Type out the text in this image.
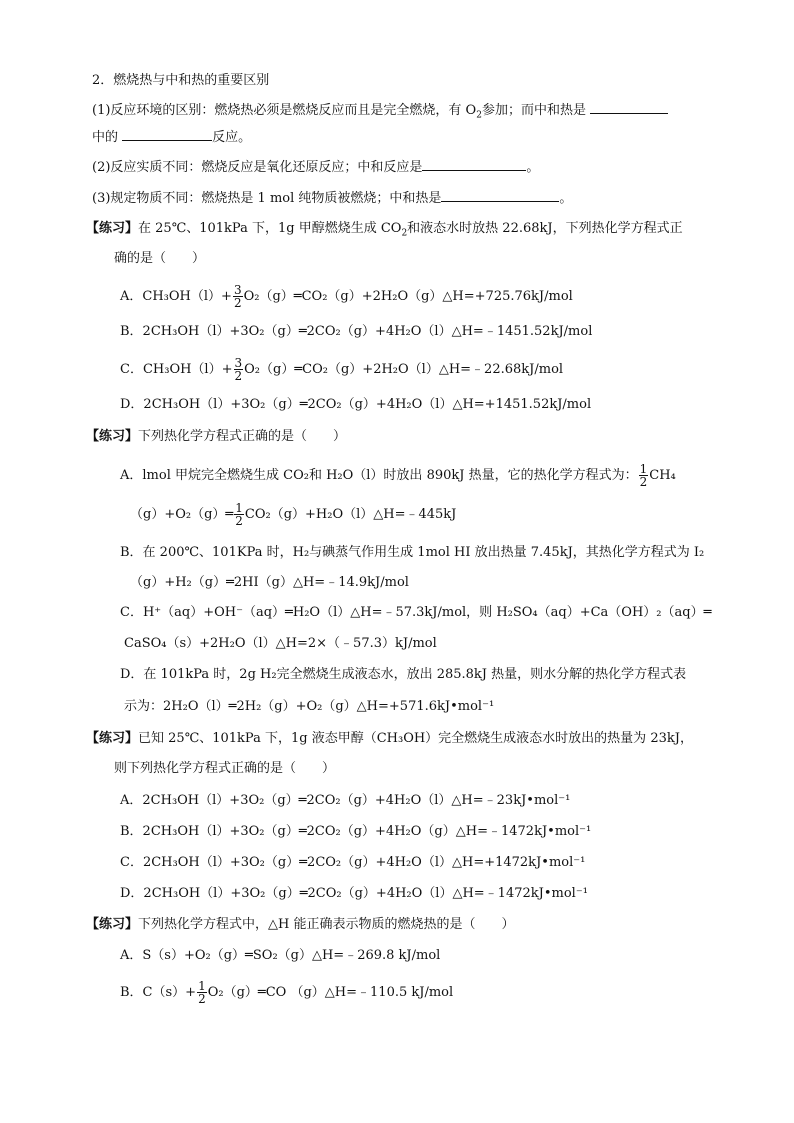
2．燃烧热与中和热的重要区别
(1)反应环境的区别：燃烧热必须是燃烧反应而且是完全燃烧，有 $O_2$参加；而中和热是
中的	反应。
(2)反应实质不同：燃烧反应是氧化还原反应；中和反应是	。
(3)规定物质不同：燃烧热是 1 mol 纯物质被燃烧；中和热是	。
【练习】在 25℃、101kPa 下，1g 甲醇燃烧生成 $CO_2$和液态水时放热 22.68kJ，下列热化学方程式正
确的是（　　）
A．$CH_3OH(l)+ \frac{3}{2}$ O₂（g）═CO₂（g）+2H₂O（g）△H=+725.76kJ/mol
B．2CH₃OH（l）+3O₂（g）═2CO₂（g）+4H₂O（l）△H=﹣1451.52kJ/mol
C．$CH_3OH(l)+ \frac{3}{2}$ O₂（g）═CO₂（g）+2H₂O（l）△H=﹣22.68kJ/mol
D．2CH₃OH（l）+3O₂（g）═2CO₂（g）+4H₂O（l）△H=+1451.52kJ/mol
【练习】下列热化学方程式正确的是（　　）
A．lmol 甲烷完全燃烧生成 CO₂和 H₂O（l）时放出 890kJ 热量，它的热化学方程式为： $\frac{1}{2} CH_4$
（g）+O₂（g）═ $\frac{1}{2}$ CO₂（g）+H₂O（l）△H=﹣445kJ
B．在 200℃、101KPa 时，H₂与碘蒸气作用生成 1mol HI 放出热量 7.45kJ，其热化学方程式为 I₂
（g）+H₂（g）═2HI（g）△H=﹣14.9kJ/mol
C．H⁺（aq）+OH⁻（aq）═H₂O（l）△H=﹣57.3kJ/mol，则 H₂SO₄（aq）+Ca（OH）₂（aq）═
CaSO₄（s）+2H₂O（l）△H=2×（﹣57.3）kJ/mol
D．在 101kPa 时，2g H₂完全燃烧生成液态水，放出 285.8kJ 热量，则水分解的热化学方程式表
示为：2H₂O（l）═2H₂（g）+O₂（g）△H=+571.6kJ•mol⁻¹
【练习】已知 25℃、101kPa 下，1g 液态甲醇（CH₃OH）完全燃烧生成液态水时放出的热量为 23kJ，
则下列热化学方程式正确的是（　　）
A．2CH₃OH（l）+3O₂（g）═2CO₂（g）+4H₂O（l）△H=﹣23kJ•mol⁻¹
B．2CH₃OH（l）+3O₂（g）═2CO₂（g）+4H₂O（g）△H=﹣1472kJ•mol⁻¹
C．2CH₃OH（l）+3O₂（g）═2CO₂（g）+4H₂O（l）△H=+1472kJ•mol⁻¹
D．2CH₃OH（l）+3O₂（g）═2CO₂（g）+4H₂O（l）△H=﹣1472kJ•mol⁻¹
【练习】下列热化学方程式中，△H 能正确表示物质的燃烧热的是（　　）
A．S（s）+O₂（g）═SO₂（g）△H=﹣269.8 kJ/mol
B．$C(s)+ \frac{1}{2}$ O₂（g）═CO （g）△H=﹣110.5 kJ/mol
